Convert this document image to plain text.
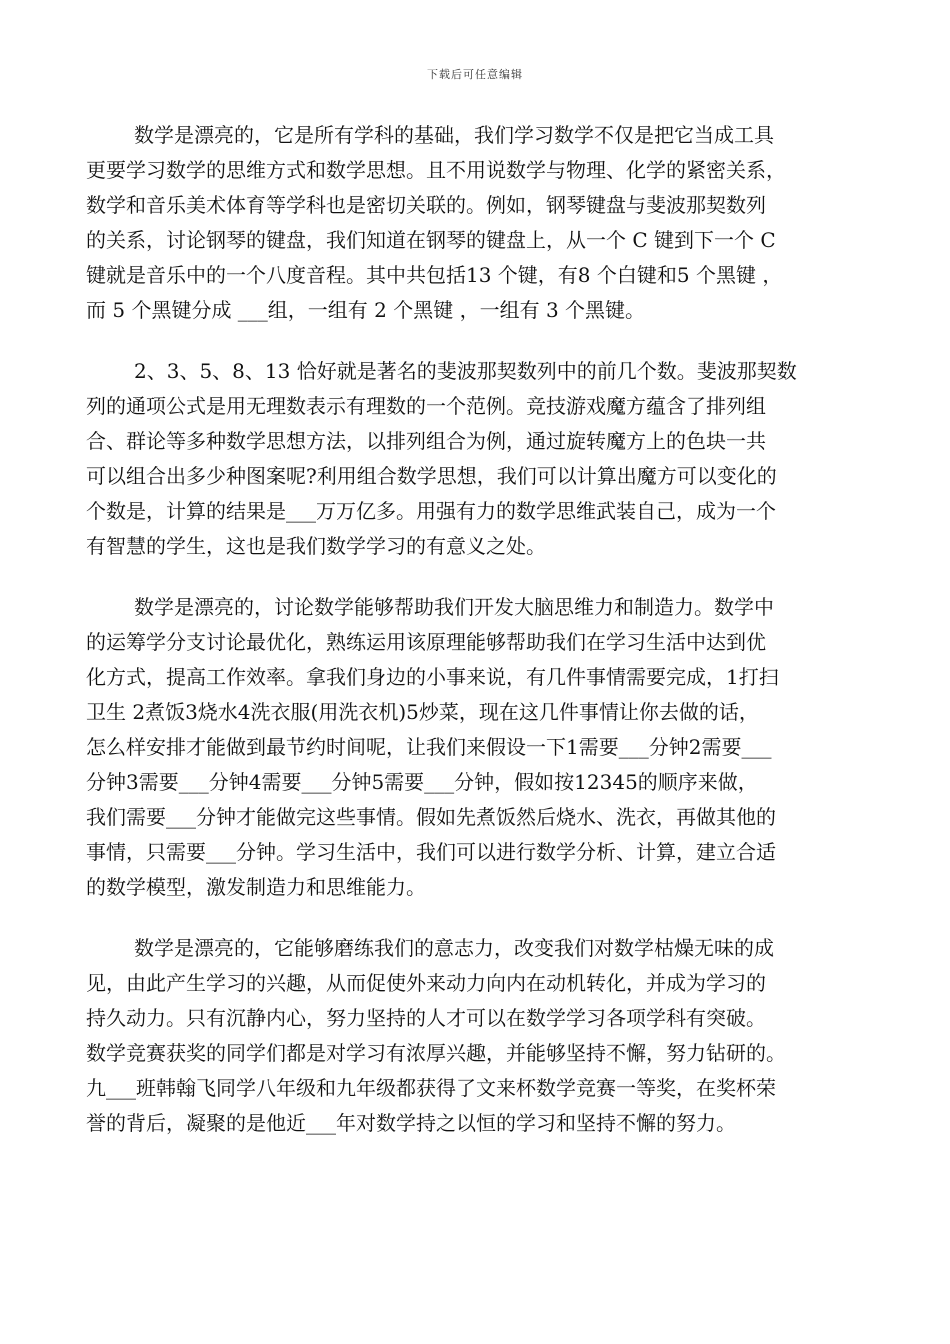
下载后可任意编辑
数学是漂亮的，它是所有学科的基础，我们学习数学不仅是把它当成工具
更要学习数学的思维方式和数学思想。且不用说数学与物理、化学的紧密关系，
数学和音乐美术体育等学科也是密切关联的。例如，钢琴键盘与斐波那契数列
的关系，讨论钢琴的键盘，我们知道在钢琴的键盘上，从一个 C 键到下一个 C
键就是音乐中的一个八度音程。其中共包括13 个键，有8 个白键和5 个黑键 ，
而 5 个黑键分成 ___组，一组有 2 个黑键 ，一组有 3 个黑键。
2、3、5、8、13 恰好就是著名的斐波那契数列中的前几个数。斐波那契数
列的通项公式是用无理数表示有理数的一个范例。竞技游戏魔方蕴含了排列组
合、群论等多种数学思想方法，以排列组合为例，通过旋转魔方上的色块一共
可以组合出多少种图案呢?利用组合数学思想，我们可以计算出魔方可以变化的
个数是，计算的结果是___万万亿多。用强有力的数学思维武装自己，成为一个
有智慧的学生，这也是我们数学学习的有意义之处。
数学是漂亮的，讨论数学能够帮助我们开发大脑思维力和制造力。数学中
的运筹学分支讨论最优化，熟练运用该原理能够帮助我们在学习生活中达到优
化方式，提高工作效率。拿我们身边的小事来说，有几件事情需要完成，1打扫
卫生 2煮饭3烧水4洗衣服(用洗衣机)5炒菜，现在这几件事情让你去做的话，
怎么样安排才能做到最节约时间呢，让我们来假设一下1需要___分钟2需要___
分钟3需要___分钟4需要___分钟5需要___分钟，假如按12345的顺序来做，
我们需要___分钟才能做完这些事情。假如先煮饭然后烧水、洗衣，再做其他的
事情，只需要___分钟。学习生活中，我们可以进行数学分析、计算，建立合适
的数学模型，激发制造力和思维能力。
数学是漂亮的，它能够磨练我们的意志力，改变我们对数学枯燥无味的成
见，由此产生学习的兴趣，从而促使外来动力向内在动机转化，并成为学习的
持久动力。只有沉静内心，努力坚持的人才可以在数学学习各项学科有突破。
数学竞赛获奖的同学们都是对学习有浓厚兴趣，并能够坚持不懈，努力钻研的。
九___班韩翰飞同学八年级和九年级都获得了文来杯数学竞赛一等奖，在奖杯荣
誉的背后，凝聚的是他近___年对数学持之以恒的学习和坚持不懈的努力。
